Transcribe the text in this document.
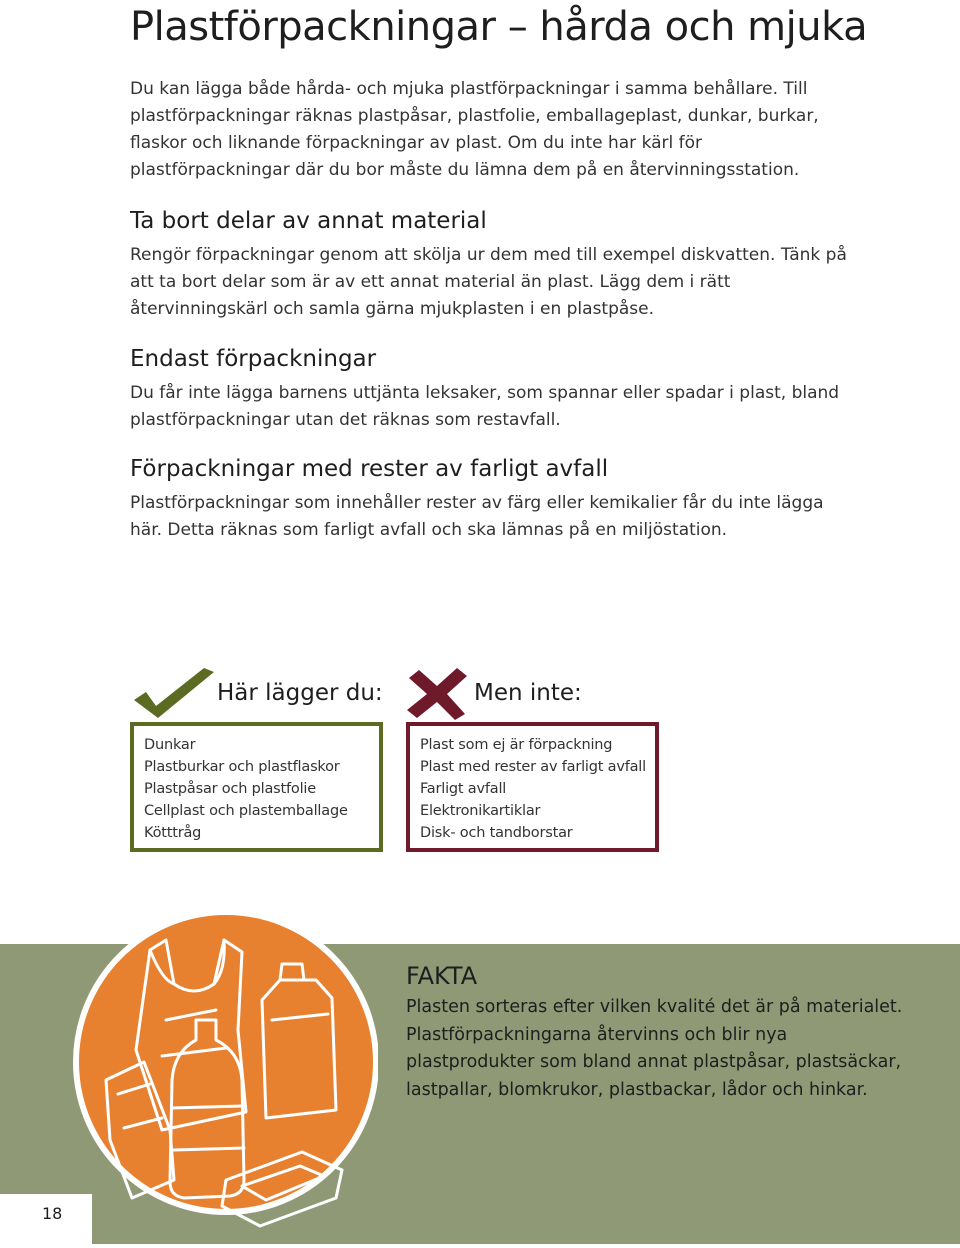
Plastförpackningar – hårda och mjuka

Du kan lägga både hårda- och mjuka plastförpackningar i samma behållare. Till plastförpackningar räknas plastpåsar, plastfolie, emballageplast, dunkar, burkar, flaskor och liknande förpackningar av plast. Om du inte har kärl för plastförpackningar där du bor måste du lämna dem på en återvinningsstation.

Ta bort delar av annat material

Rengör förpackningar genom att skölja ur dem med till exempel diskvatten. Tänk på att ta bort delar som är av ett annat material än plast. Lägg dem i rätt återvinningskärl och samla gärna mjukplasten i en plastpåse.

Endast förpackningar

Du får inte lägga barnens uttjänta leksaker, som spannar eller spadar i plast, bland plastförpackningar utan det räknas som restavfall.

Förpackningar med rester av farligt avfall

Plastförpackningar som innehåller rester av färg eller kemikalier får du inte lägga här. Detta räknas som farligt avfall och ska lämnas på en miljöstation.

Här lägger du:
Dunkar
Plastburkar och plastflaskor
Plastpåsar och plastfolie
Cellplast och plastemballage
Kötttråg
Men inte:
Plast som ej är förpackning
Plast med rester av farligt avfall
Farligt avfall
Elektronikartiklar
Disk- och tandborstar
FAKTA

Plasten sorteras efter vilken kvalité det är på materialet. Plastförpackningarna återvinns och blir nya plastprodukter som bland annat plastpåsar, plastsäckar, lastpallar, blomkrukor, plastbackar, lådor och hinkar.

18
